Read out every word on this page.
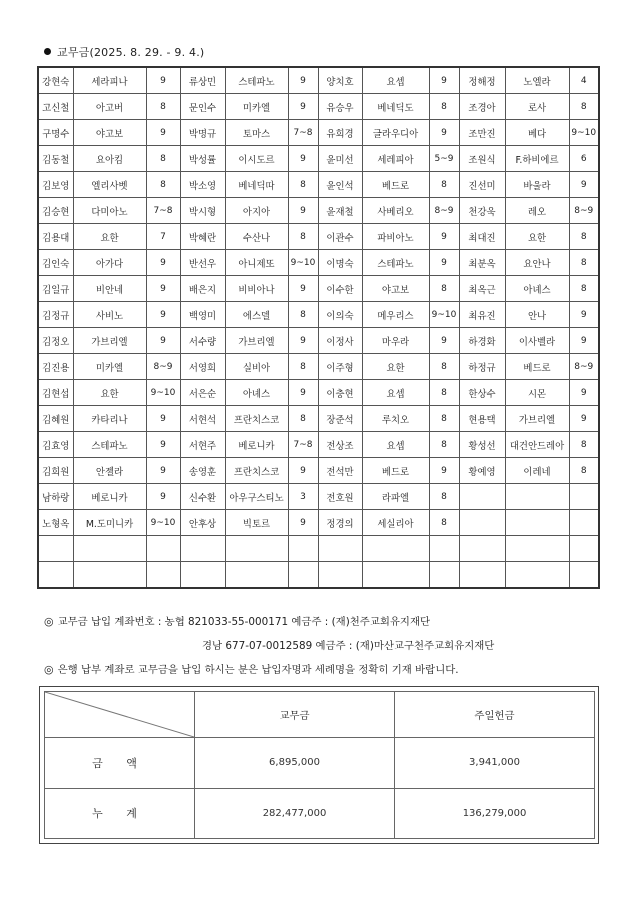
교무금(2025. 8. 29. - 9. 4.)
강현숙	세라피나	9	류상민	스테파노	9	양치호	요셉	9	정해정	노엘라	4
고신철	아고버	8	문인수	미카엘	9	유승우	베네딕도	8	조경아	로사	8
구명수	야고보	9	박명규	토마스	7~8	유희경	글라우디아	9	조만진	베다	9~10
김동철	요아킴	8	박성률	이시도르	9	윤미선	세레피아	5~9	조원식	F.하비에르	6
김보영	엘리사벳	8	박소영	베네딕따	8	윤인석	베드로	8	진선미	바울라	9
김승현	다미아노	7~8	박시형	아지아	9	윤재철	사베리오	8~9	천강욱	레오	8~9
김용대	요한	7	박혜란	수산나	8	이관수	파비아노	9	최대진	요한	8
김인숙	아가다	9	반선우	아니제또	9~10	이명숙	스테파노	9	최분옥	요안나	8
김일규	비안네	9	배은지	비비아나	9	이수한	야고보	8	최옥근	아녜스	8
김정규	사비노	9	백영미	에스델	8	이의숙	메우리스	9~10	최유진	안나	9
김정오	가브리엘	9	서수량	가브리엘	9	이정사	마우라	9	하경화	이사벨라	9
김진용	미카엘	8~9	서영희	실비아	8	이주형	요한	8	하정규	베드로	8~9
김현섭	요한	9~10	서은순	아녜스	9	이충현	요셉	8	한상수	시몬	9
김혜원	카타리나	9	서현석	프란치스코	8	장준석	루치오	8	현용택	가브리엘	9
김효영	스테파노	9	서현주	베로니카	7~8	전상조	요셉	8	황성선	대건안드레아	8
김희원	안젤라	9	송영훈	프란치스코	9	전석만	베드로	9	황예영	이레네	8
남하랑	베로니카	9	신수환	아우구스티노	3	전호원	라파엘	8			
노형옥	M.도미니카	9~10	안후상	빅토르	9	정경의	세실리아	8			

◎ 교무금 납입 계좌번호 : 농협 821033-55-000171 예금주 : (재)천주교회유지재단
경남 677-07-0012589 예금주 : (재)마산교구천주교회유지재단
◎ 은행 납부 계좌로 교무금을 납입 하시는 분은 납입자명과 세례명을 정확히 기재 바랍니다.
	교무금	주일헌금
금 액	6,895,000	3,941,000
누 계	282,477,000	136,279,000
